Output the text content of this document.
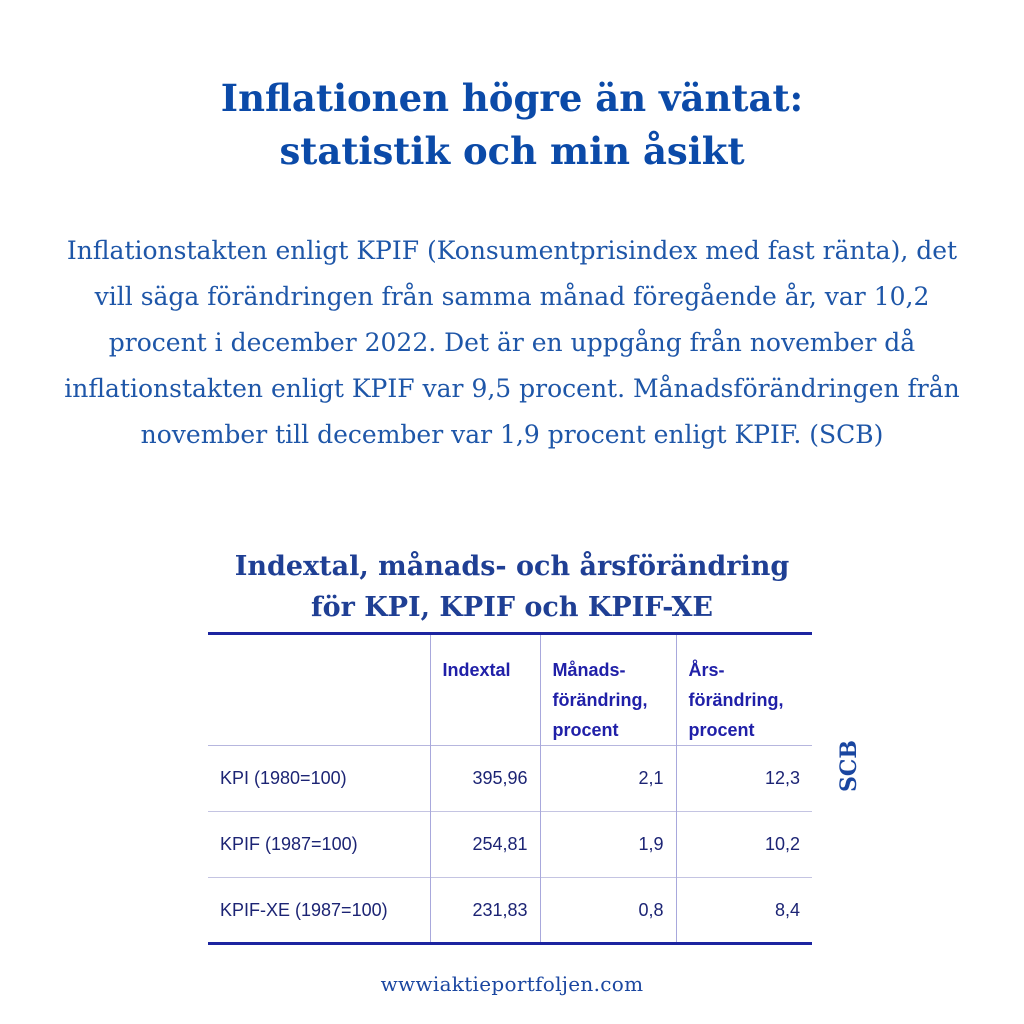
Inflationen högre än väntat:
statistik och min åsikt
Inflationstakten enligt KPIF (Konsumentprisindex med fast ränta), det vill säga förändringen från samma månad föregående år, var 10,2 procent i december 2022. Det är en uppgång från november då inflationstakten enligt KPIF var 9,5 procent. Månadsförändringen från november till december var 1,9 procent enligt KPIF. (SCB)
Indextal, månads- och årsförändring
för KPI, KPIF och KPIF-XE
	Indextal	Månads-
förändring,
procent	Års-
förändring,
procent
KPI (1980=100)	395,96	2,1	12,3
KPIF (1987=100)	254,81	1,9	10,2
KPIF-XE (1987=100)	231,83	0,8	8,4
SCB
wwwiaktieportfoljen.com
